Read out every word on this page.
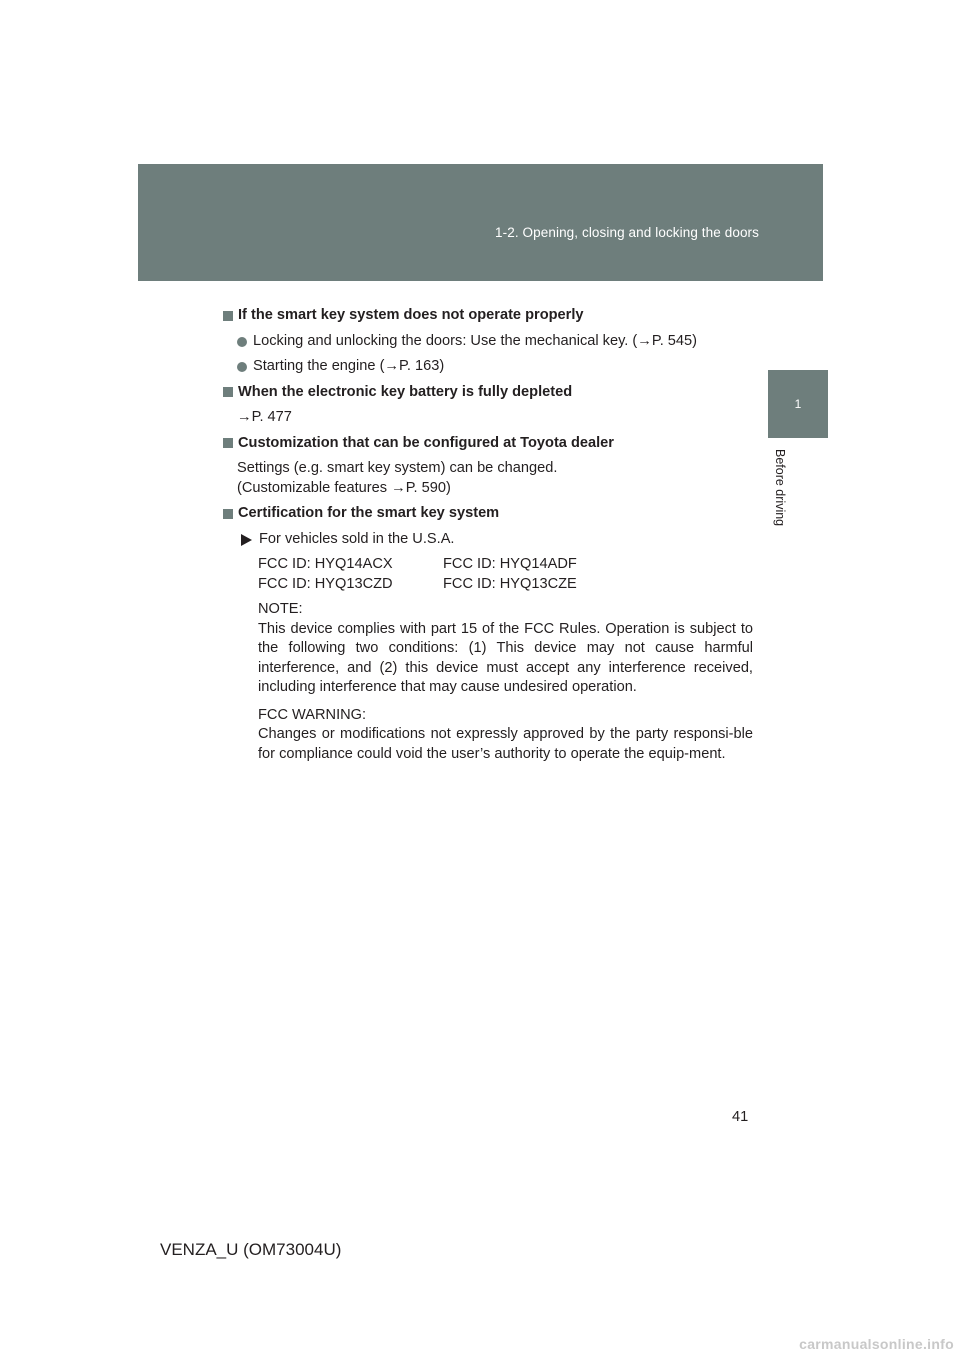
1-2. Opening, closing and locking the doors
1
Before driving
If the smart key system does not operate properly
Locking and unlocking the doors: Use the mechanical key. (→P. 545)
Starting the engine (→P. 163)
When the electronic key battery is fully depleted
→P. 477
Customization that can be configured at Toyota dealer
Settings (e.g. smart key system) can be changed.
(Customizable features →P. 590)
Certification for the smart key system
For vehicles sold in the U.S.A.
FCC ID: HYQ14ACX	FCC ID: HYQ14ADF
FCC ID: HYQ13CZD	FCC ID: HYQ13CZE

NOTE:
This device complies with part 15 of the FCC Rules. Operation is subject to the following two conditions: (1) This device may not cause harmful interference, and (2) this device must accept any interference received, including interference that may cause undesired operation.

FCC WARNING:
Changes or modifications not expressly approved by the party responsi-ble for compliance could void the user’s authority to operate the equip-ment.

41
VENZA_U (OM73004U)
carmanualsonline.info
